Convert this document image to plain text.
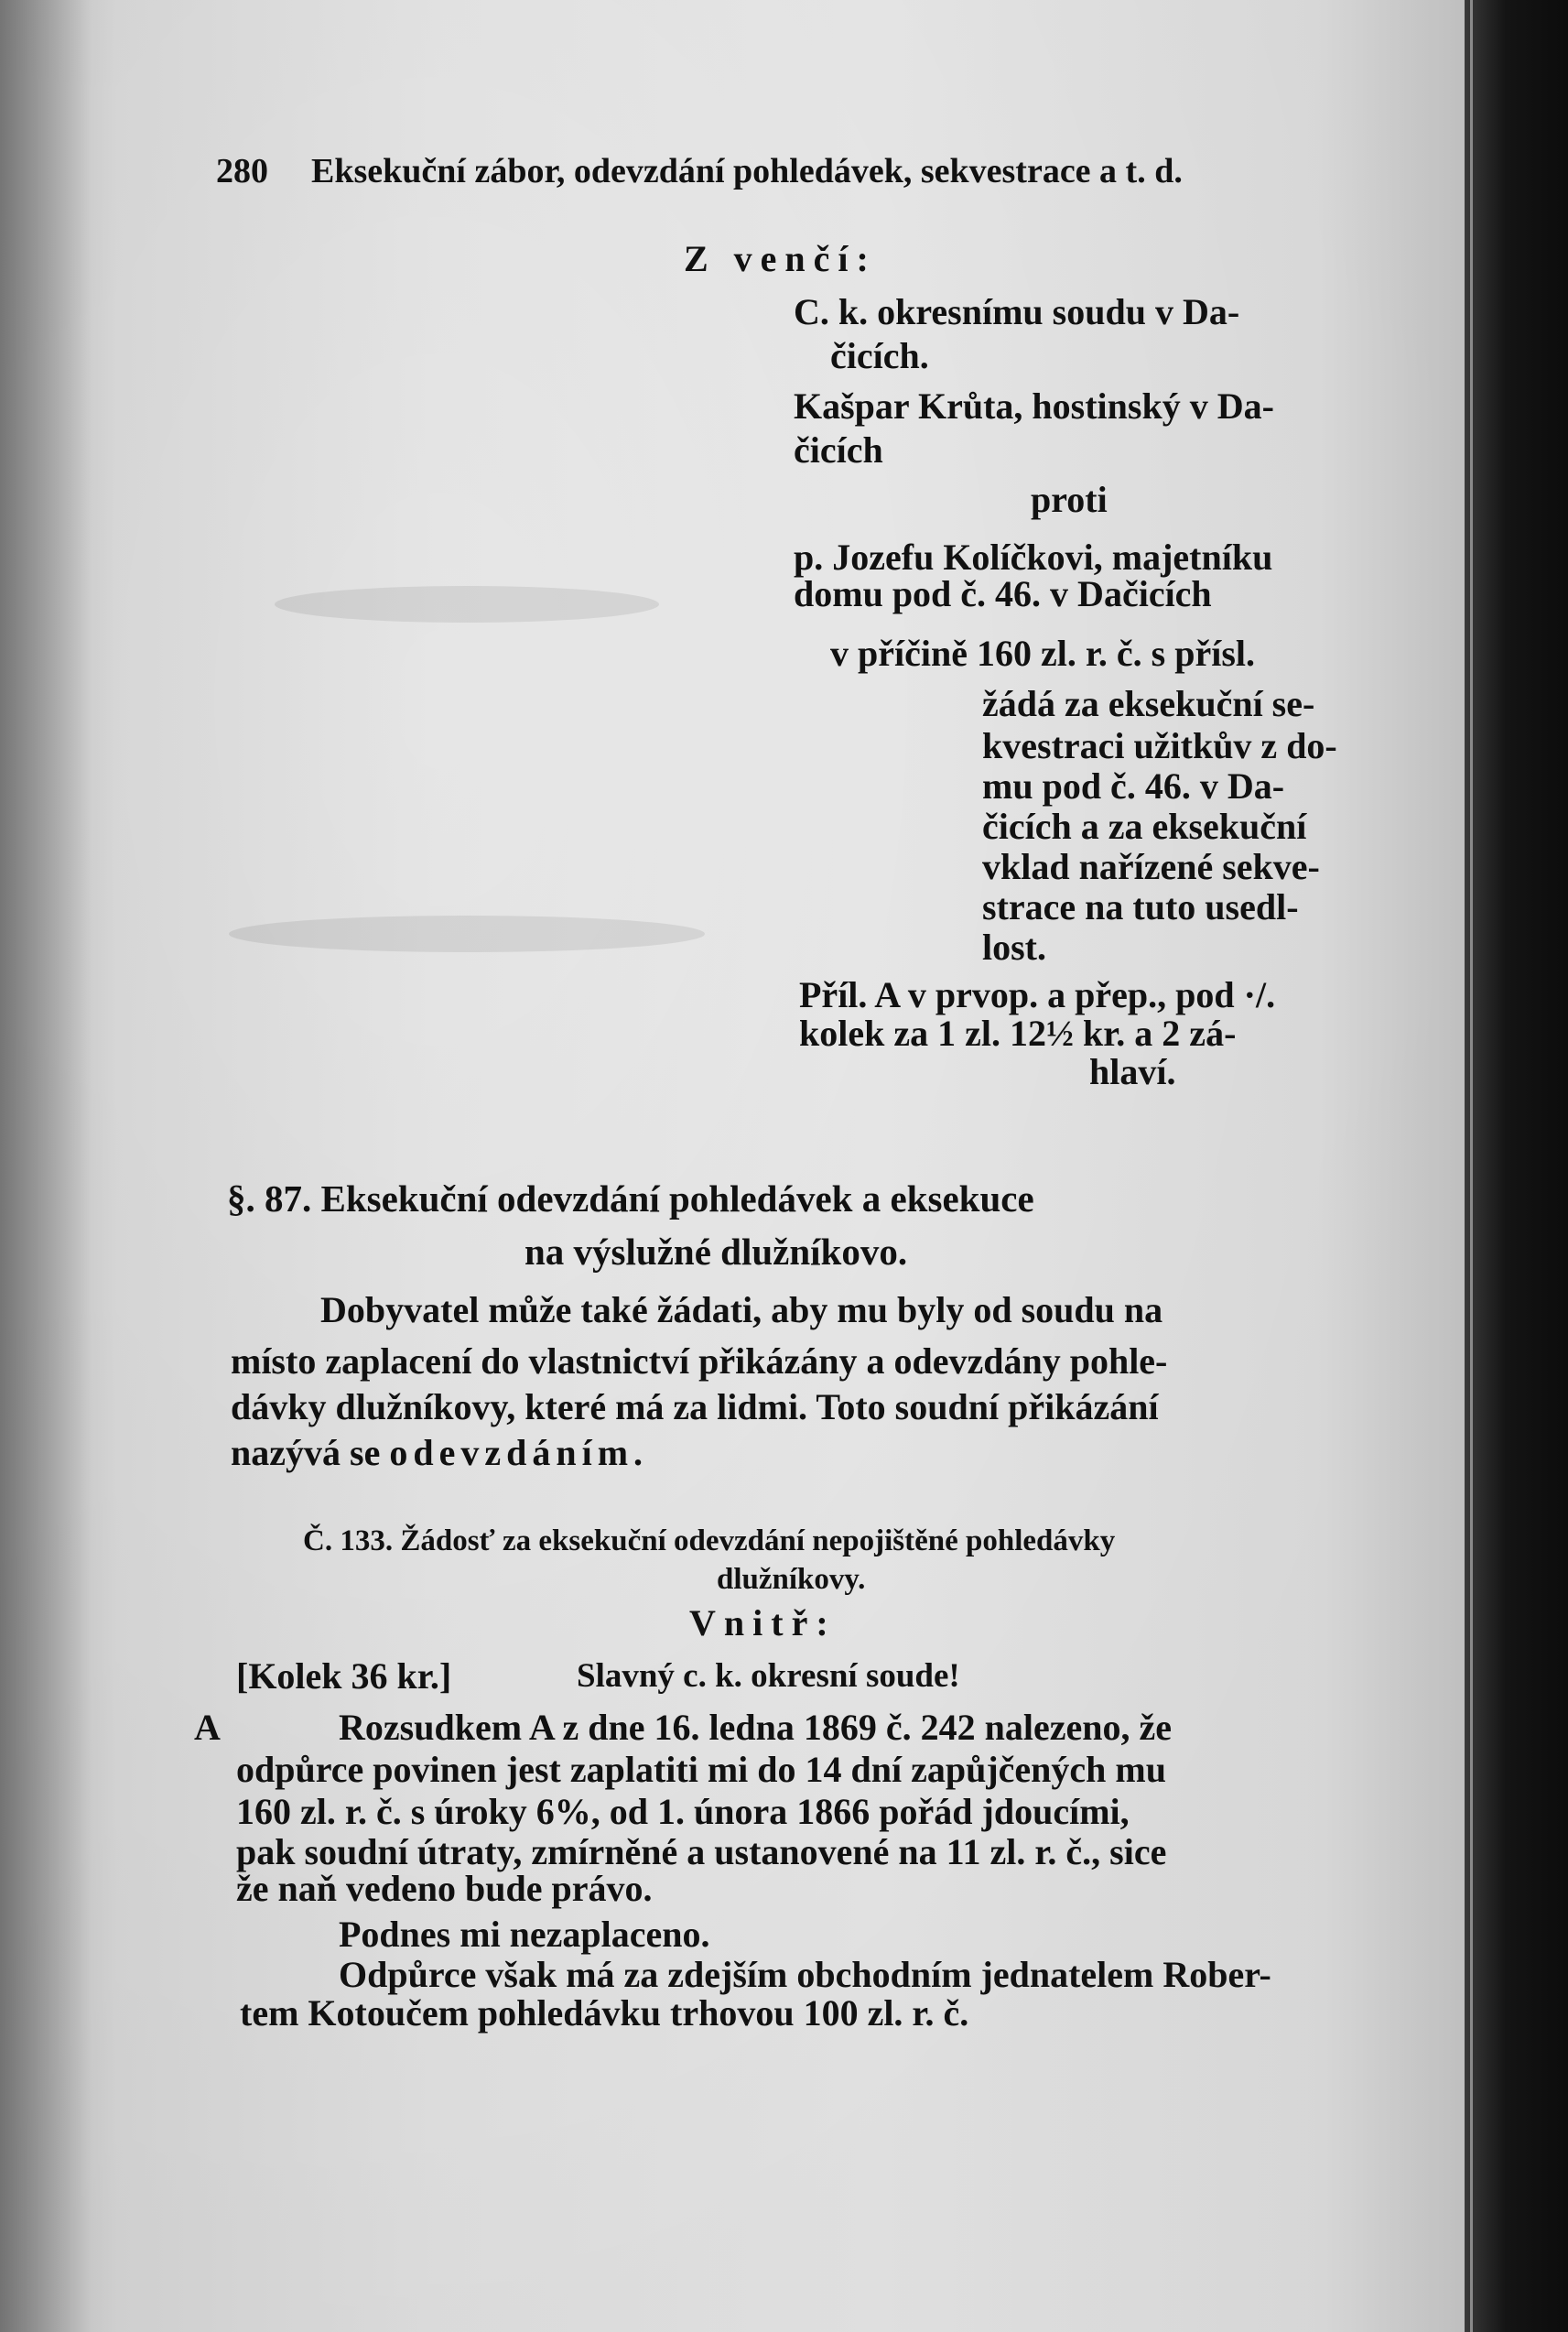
280 Eksekuční zábor, odevzdání pohledávek, sekvestrace a t. d.
Z venčí:
C. k. okresnímu soudu v Da-
čicích.
Kašpar Krůta, hostinský v Da-
čicích
proti
p. Jozefu Kolíčkovi, majetníku
domu pod č. 46. v Dačicích
v příčině 160 zl. r. č. s přísl.
žádá za eksekuční se-
kvestraci užitkův z do-
mu pod č. 46. v Da-
čicích a za eksekuční
vklad nařízené sekve-
strace na tuto usedl-
lost.
Příl. A v prvop. a přep., pod ·/.
kolek za 1 zl. 12½ kr. a 2 zá-
hlaví.
§. 87. Eksekuční odevzdání pohledávek a eksekuce
na výslužné dlužníkovo.
Dobyvatel může také žádati, aby mu byly od soudu na
místo zaplacení do vlastnictví přikázány a odevzdány pohle-
dávky dlužníkovy, které má za lidmi. Toto soudní přikázání
nazývá se odevzdáním.
Č. 133. Žádosť za eksekuční odevzdání nepojištěné pohledávky
dlužníkovy.
Vnitř:
[Kolek 36 kr.]	Slavný c. k. okresní soude!
A	Rozsudkem A z dne 16. ledna 1869 č. 242 nalezeno, že
odpůrce povinen jest zaplatiti mi do 14 dní zapůjčených mu
160 zl. r. č. s úroky 6%, od 1. února 1866 pořád jdoucími,
pak soudní útraty, zmírněné a ustanovené na 11 zl. r. č., sice
že naň vedeno bude právo.
Podnes mi nezaplaceno.
Odpůrce však má za zdejším obchodním jednatelem Rober-
tem Kotoučem pohledávku trhovou 100 zl. r. č.
